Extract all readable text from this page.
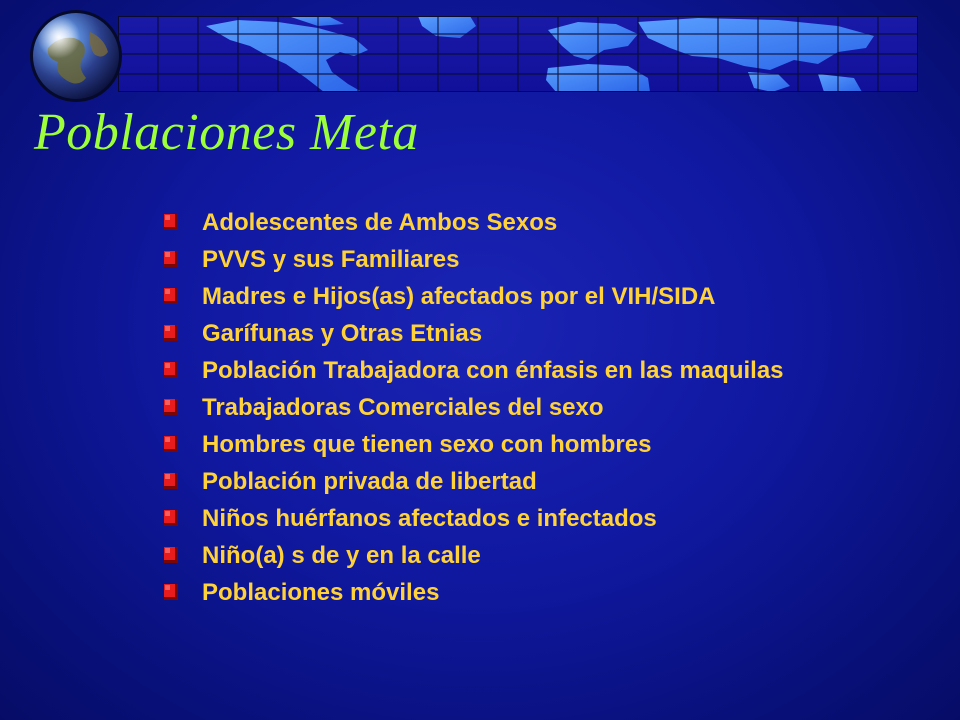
Poblaciones Meta
Adolescentes de Ambos Sexos
PVVS y sus Familiares
Madres e Hijos(as) afectados por el VIH/SIDA
Garífunas y Otras Etnias
Población Trabajadora con énfasis en las maquilas
Trabajadoras Comerciales del sexo
Hombres que tienen sexo con hombres
Población privada de libertad
Niños huérfanos afectados e infectados
Niño(a) s de y en la calle
Poblaciones móviles
